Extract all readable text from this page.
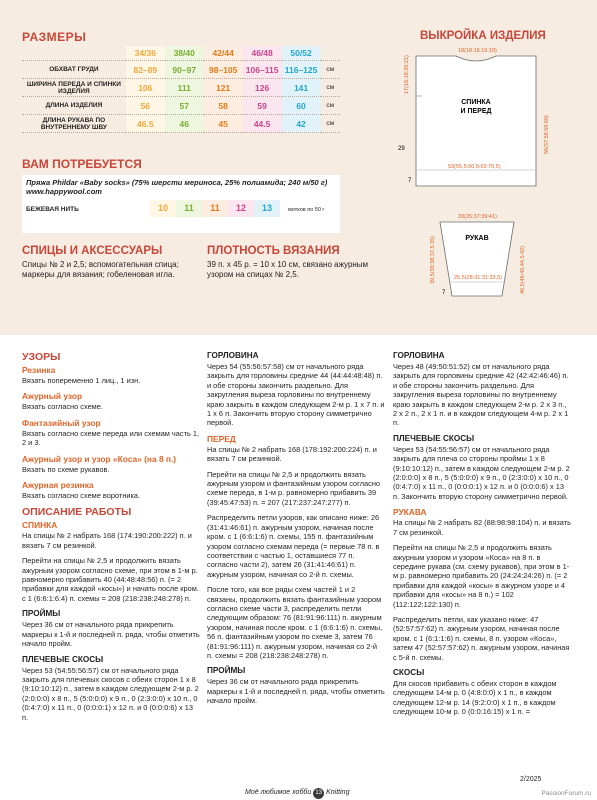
РАЗМЕРЫ
	34/36	38/40	42/44	46/48	50/52	
ОБХВАТ ГРУДИ	82–89	90–97	98–105	106–115	116–125	см
ШИРИНА ПЕРЕДА И СПИНКИ ИЗДЕЛИЯ	106	111	121	126	141	см
ДЛИНА ИЗДЕЛИЯ	56	57	58	59	60	см
ДЛИНА РУКАВА ПО ВНУТРЕННЕМУ ШВУ	46.5	46	45	44.5	42	см
ВАМ ПОТРЕБУЕТСЯ
Пряжа Phildar «Baby socks» (75% шерсти мериноса, 25% полиамида; 240 м/50 г)
www.happywool.com
БЕЖЕВАЯ НИТЬ	10	11	11	12	13	мотков по 50 г
СПИЦЫ И АКСЕССУАРЫ
Спицы № 2 и 2,5; вспомогательная спица; маркеры для вязания; гобеленовая игла.
ПЛОТНОСТЬ ВЯЗАНИЯ
39 п. x 45 р. = 10 x 10 см, связано ажурным узором на спицах № 2,5.
ВЫКРОЙКА ИЗДЕЛИЯ
СПИНКА
И ПЕРЕД
18(18:18:19:19)
17(18:18:20:21)
29	56(57:58:59:60)
7
53(55,5:60,5:63:70,5)
РУКАВ
33(35:37:39:41)
39,5(39:38:37,5:35)	46,5(46:45:44,5:42)
25,5(28:31:31:33,5)
7
УЗОРЫ
Резинка

Вязать попеременно 1 лиц., 1 изн.

Ажурный узор

Вязать согласно схеме.

Фантазийный узор

Вязать согласно схеме переда или схемам часть 1, 2 и 3.

Ажурный узор и узор «Коса» (на 8 п.)

Вязать по схеме рукавов.

Ажурная резинка

Вязать согласно схеме воротника.

ОПИСАНИЕ РАБОТЫ
СПИНКА

На спицы № 2 набрать 168 (174:190:200:222) п. и вязать 7 см резинкой.

Перейти на спицы № 2,5 и продолжить вязать ажурным узором согласно схеме, при этом в 1-м р. равномерно прибавить 40 (44:48:48:56) п. (= 2 прибавки для каждой «косы») и начать после кром. с 1 (6:6:1:6:4) п. схемы = 208 (218:238:248:278) п.

ПРОЙМЫ

Через 36 см от начального ряда прикрепить маркеры к 1-й и последней п. ряда, чтобы отметить начало пройм.

ПЛЕЧЕВЫЕ СКОСЫ

Через 53 (54:55:56:57) см от начального ряда закрыть для плечевых скосов с обеих сторон 1 x 8 (9:10:10:12) п., затем в каждом следующем 2-м р. 2 (2:0:0:0) x 8 п., 5 (5:0:0:0) x 9 п., 0 (2:3:0:0) x 10 п., 0 (0:4:7:0) x 11 п., 0 (0:0:0:1) x 12 п. и 0 (0:0:0:6) x 13 п.

ГОРЛОВИНА

Через 54 (55:56:57:58) см от начального ряда закрыть для горловины средние 44 (44:44:48:48) п. и обе стороны закончить раздельно. Для закругления выреза горловины по внутреннему краю закрыть в каждом следующем 2-м р. 1 x 7 п. и 1 x 6 п. Закончить вторую сторону симметрично первой.

ПЕРЕД

На спицы № 2 набрать 168 (178:192:200:224) п. и вязать 7 см резинкой.

Перейти на спицы № 2,5 и продолжить вязать ажурным узором и фантазийным узором согласно схеме переда, в 1-м р. равномерно прибавить 39 (39:45:47:53) п. = 207 (217:237:247:277) п.

Распределить петли узоров, как описано ниже: 26 (31:41:46:61) п. ажурным узором, начиная после кром. с 1 (6:6:1:6) п. схемы, 155 п. фантазийным узором согласно схемам переда (= первые 78 п. в соответствии с частью 1, оставшиеся 77 п. согласно части 2), затем 26 (31:41:46:61) п. ажурным узором, начиная со 2-й п. схемы.

После того, как все ряды схем частей 1 и 2 связаны, продолжить вязать фантазийным узором согласно схеме части 3, распределить петли следующим образом: 76 (81:91:96:111) п. ажурным узором, начиная после кром. с 1 (6:6:1:6) п. схемы, 56 п. фантазийным узором по схеме 3, затем 76 (81:91:96:111) п. ажурным узором, начиная со 2-й п. схемы = 208 (218:238:248:278) п.

ПРОЙМЫ

Через 36 см от начального ряда прикрепить маркеры к 1-й и последней п. ряда, чтобы отметить начало пройм.

ГОРЛОВИНА

Через 48 (49:50:51:52) см от начального ряда закрыть для горловины средние 42 (42:42:46:46) п. и обе стороны закончить раздельно. Для закругления выреза горловины по внутреннему краю закрыть в каждом следующем 2-м р. 2 x 3 п., 2 x 2 п., 2 x 1 п. и в каждом следующем 4-м р. 2 x 1 п.

ПЛЕЧЕВЫЕ СКОСЫ

Через 53 (54:55:56:57) см от начального ряда закрыть для плеча со стороны проймы 1 x 8 (9:10:10:12) п., затем в каждом следующем 2-м р. 2 (2:0:0:0) x 8 п., 5 (5:0:0:0) x 9 п., 0 (2:3:0:0) x 10 п., 0 (0:4:7:0) x 11 п., 0 (0:0:0:1) x 12 п. и 0 (0:0:0:6) x 13 п. Закончить вторую сторону симметрично первой.

РУКАВА

На спицы № 2 набрать 82 (88:98:98:104) п. и вязать 7 см резинкой.

Перейти на спицы № 2,5 и продолжить вязать ажурным узором и узором «Коса» на 8 п. в середине рукава (см. схему рукавов), при этом в 1-м р. равномерно прибавить 20 (24:24:24:26) п. (= 2 прибавки для каждой «косы» в ажурном узоре и 4 прибавки для «косы» на 8 п.) = 102 (112:122:122:130) п.

Распределить петли, как указано ниже: 47 (52:57:57:62) п. ажурным узором, начиная после кром. с 1 (6:1:1:6) п. схемы, 8 п. узором «Коса», затем 47 (52:57:57:62) п. ажурным узором, начиная с 5-й п. схемы.

СКОСЫ

Для скосов прибавить с обеих сторон в каждом следующем 14-м р. 0 (4:8:0:0) x 1 п., в каждом следующем 12-м р. 14 (9:2:0:0) x 1 п., в каждом следующем 10-м р. 0 (0:0:16:15) x 1 п. =

Моё любимое хобби 13 Knitting
2/2025
PassionForum.ru
